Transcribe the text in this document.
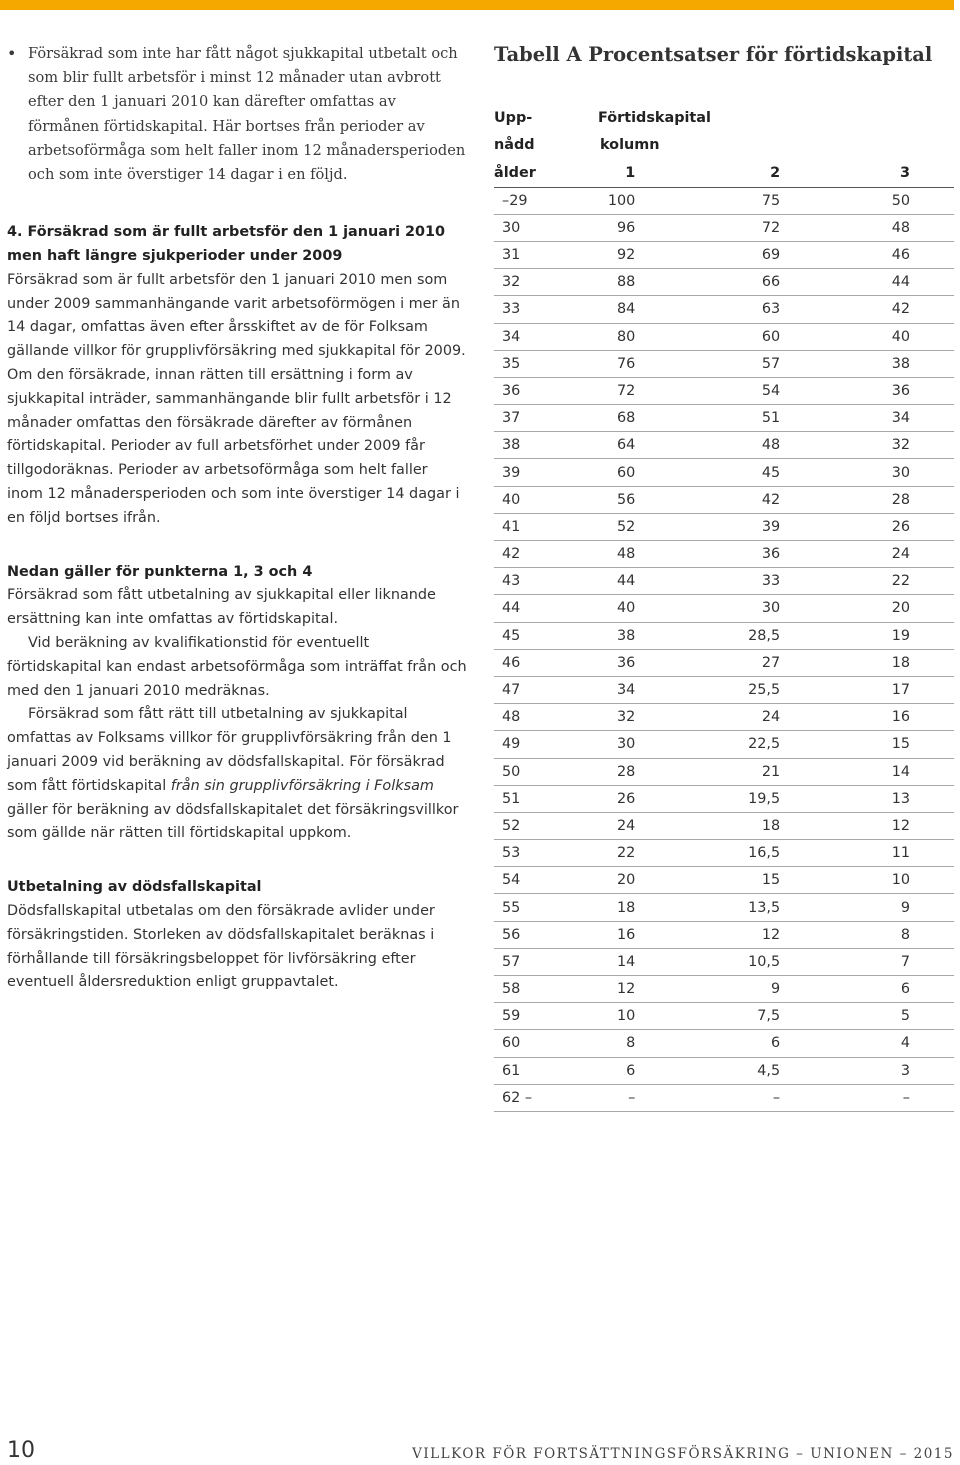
• Försäkrad som inte har fått något sjukkapital utbetalt och som blir fullt arbetsför i minst 12 månader utan avbrott efter den 1 januari 2010 kan därefter omfattas av förmånen förtidskapital. Här bortses från perioder av arbetsoförmåga som helt faller inom 12 månadersperioden och som inte överstiger 14 dagar i en följd.
4. Försäkrad som är fullt arbetsför den 1 januari 2010 men haft längre sjukperioder under 2009

Försäkrad som är fullt arbetsför den 1 januari 2010 men som under 2009 sammanhängande varit arbetsoförmögen i mer än 14 dagar, omfattas även efter årsskiftet av de för Folksam gällande villkor för grupplivförsäkring med sjukkapital för 2009. Om den försäkrade, innan rätten till ersättning i form av sjukkapital inträder, sammanhängande blir fullt arbetsför i 12 månader omfattas den försäkrade därefter av förmånen förtidskapital. Perioder av full arbetsförhet under 2009 får tillgodoräknas. Perioder av arbetsoförmåga som helt faller inom 12 månadersperioden och som inte överstiger 14 dagar i en följd bortses ifrån.

Nedan gäller för punkterna 1, 3 och 4

Försäkrad som fått utbetalning av sjukkapital eller liknande ersättning kan inte omfattas av förtidskapital.

Vid beräkning av kvalifikationstid för eventuellt förtidskapital kan endast arbetsoförmåga som inträffat från och med den 1 januari 2010 medräknas.

Försäkrad som fått rätt till utbetalning av sjukkapital omfattas av Folksams villkor för grupplivförsäkring från den 1 januari 2009 vid beräkning av dödsfallskapital. För försäkrad som fått förtidskapital från sin grupplivförsäkring i Folksam gäller för beräkning av dödsfallskapitalet det försäkringsvillkor som gällde när rätten till förtidskapital uppkom.

Utbetalning av dödsfallskapital

Dödsfallskapital utbetalas om den försäkrade avlider under försäkringstiden. Storleken av dödsfallskapitalet beräknas i förhållande till försäkringsbeloppet för livförsäkring efter eventuell åldersreduktion enligt gruppavtalet.

Tabell A Procentsatser för förtidskapital
Upp-	Förtidskapital
nådd	kolumn
ålder	1	2	3
–29	100	75	50
30	96	72	48
31	92	69	46
32	88	66	44
33	84	63	42
34	80	60	40
35	76	57	38
36	72	54	36
37	68	51	34
38	64	48	32
39	60	45	30
40	56	42	28
41	52	39	26
42	48	36	24
43	44	33	22
44	40	30	20
45	38	28,5	19
46	36	27	18
47	34	25,5	17
48	32	24	16
49	30	22,5	15
50	28	21	14
51	26	19,5	13
52	24	18	12
53	22	16,5	11
54	20	15	10
55	18	13,5	9
56	16	12	8
57	14	10,5	7
58	12	9	6
59	10	7,5	5
60	8	6	4
61	6	4,5	3
62 –	–	–	–
10	VILLKOR FÖR FORTSÄTTNINGSFÖRSÄKRING – UNIONEN – 2015
